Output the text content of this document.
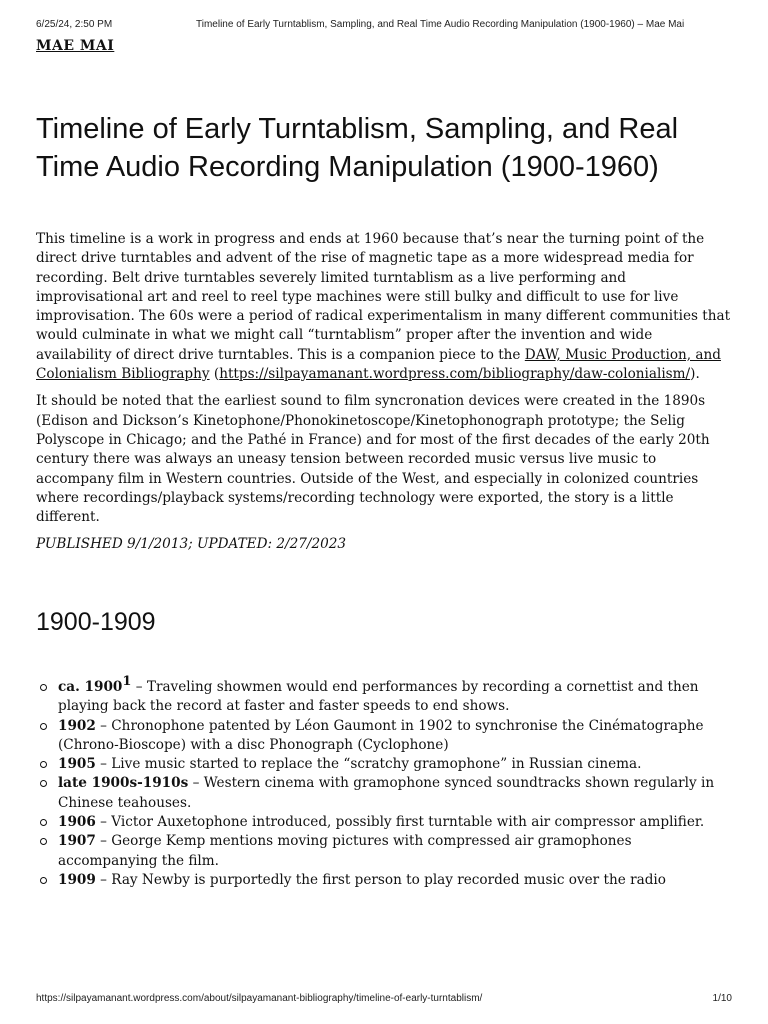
6/25/24, 2:50 PM	Timeline of Early Turntablism, Sampling, and Real Time Audio Recording Manipulation (1900-1960) – Mae Mai
MAE MAI
Timeline of Early Turntablism, Sampling, and Real Time Audio Recording Manipulation (1900-1960)

This timeline is a work in progress and ends at 1960 because that’s near the turning point of the direct drive turntables and advent of the rise of magnetic tape as a more widespread media for recording. Belt drive turntables severely limited turntablism as a live performing and improvisational art and reel to reel type machines were still bulky and difficult to use for live improvisation. The 60s were a period of radical experimentalism in many different communities that would culminate in what we might call “turntablism” proper after the invention and wide availability of direct drive turntables. This is a companion piece to the DAW, Music Production, and Colonialism Bibliography (https://silpayamanant.wordpress.com/bibliography/daw-colonialism/).

It should be noted that the earliest sound to film syncronation devices were created in the 1890s (Edison and Dickson’s Kinetophone/Phonokinetoscope/Kinetophonograph prototype; the Selig Polyscope in Chicago; and the Pathé in France) and for most of the first decades of the early 20th century there was always an uneasy tension between recorded music versus live music to accompany film in Western countries. Outside of the West, and especially in colonized countries where recordings/playback systems/recording technology were exported, the story is a little different.

PUBLISHED 9/1/2013; UPDATED: 2/27/2023

1900-1909
ca. 1900$^1$ – Traveling showmen would end performances by recording a cornettist and then playing back the record at faster and faster speeds to end shows.
1902 – Chronophone patented by Léon Gaumont in 1902 to synchronise the Cinématographe (Chrono-Bioscope) with a disc Phonograph (Cyclophone)
1905 – Live music started to replace the “scratchy gramophone” in Russian cinema.
late 1900s-1910s – Western cinema with gramophone synced soundtracks shown regularly in Chinese teahouses.
1906 – Victor Auxetophone introduced, possibly first turntable with air compressor amplifier.
1907 – George Kemp mentions moving pictures with compressed air gramophones accompanying the film.
1909 – Ray Newby is purportedly the first person to play recorded music over the radio
https://silpayamanant.wordpress.com/about/silpayamanant-bibliography/timeline-of-early-turntablism/	1/10
